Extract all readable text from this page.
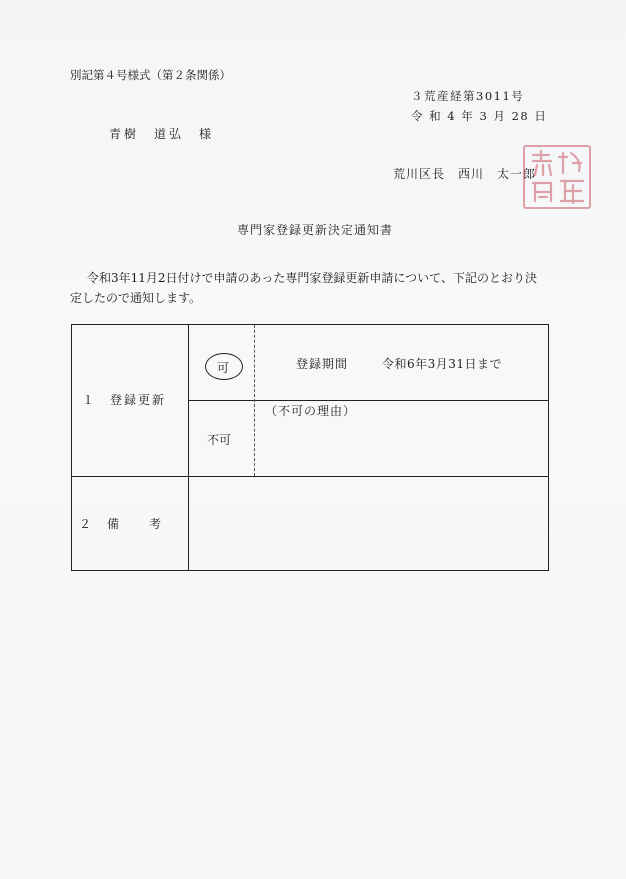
別記第４号様式（第２条関係）
３荒産経第3011号
令 和 4 年 3 月 28 日
青樹　道弘　様
荒川区長　西川　太一郎
専門家登録更新決定通知書
令和3年11月2日付けで申請のあった専門家登録更新申請について、下記のとおり決
定したので通知します。
１　登録更新
可	登録期間	令和6年3月31日まで
（不可の理由）
不可
２　備　　考
